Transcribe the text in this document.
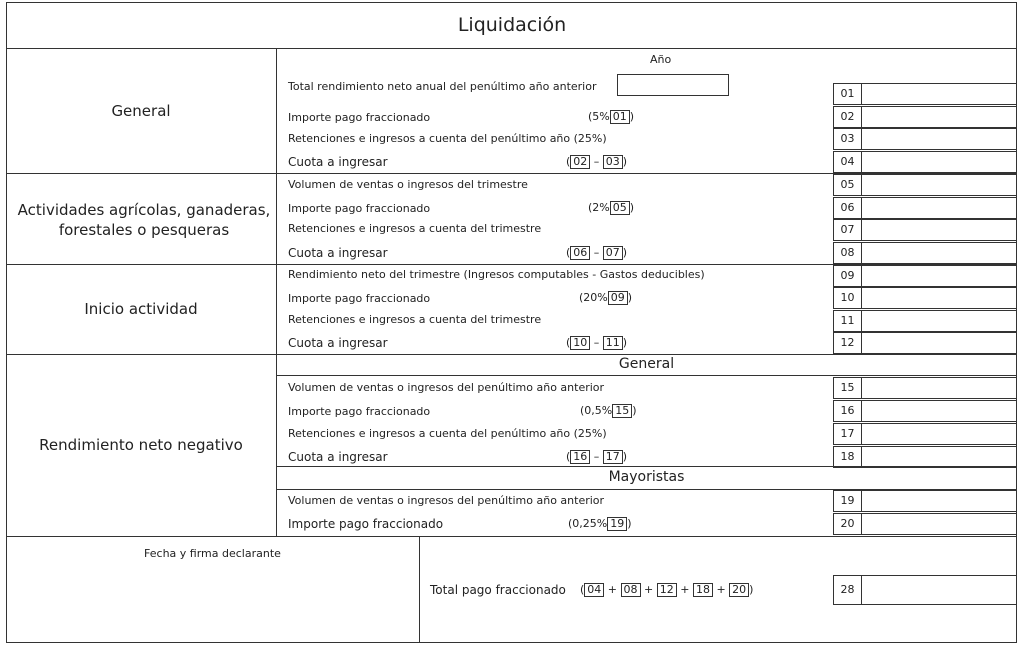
Liquidación
General
Actividades agrícolas, ganaderas,
forestales o pesqueras
Inicio actividad
Rendimiento neto negativo
Año
General
Mayoristas
Total rendimiento neto anual del penúltimo año anterior
Importe pago fraccionado
Retenciones e ingresos a cuenta del penúltimo año (25%)
Cuota a ingresar
Volumen de ventas o ingresos del trimestre
Importe pago fraccionado
Retenciones e ingresos a cuenta del trimestre
Cuota a ingresar
Rendimiento neto del trimestre (Ingresos computables - Gastos deducibles)
Importe pago fraccionado
Retenciones e ingresos a cuenta del trimestre
Cuota a ingresar
Volumen de ventas o ingresos del penúltimo año anterior
Importe pago fraccionado
Retenciones e ingresos a cuenta del penúltimo año (25%)
Cuota a ingresar
Volumen de ventas o ingresos del penúltimo año anterior
Importe pago fraccionado
(5% 01 )
(2% 05 )
(20% 09 )
(0,5% 15 )
(0,25% 19 )
( 02 – 03 )
( 06 – 07 )
( 10 – 11 )
( 16 – 17 )
01
02
03
04
05
06
07
08
09
10
11
12
15
16
17
18
19
20
Fecha y firma declarante
Total pago fraccionado ( 04 + 08 + 12 + 18 + 20 )	28
